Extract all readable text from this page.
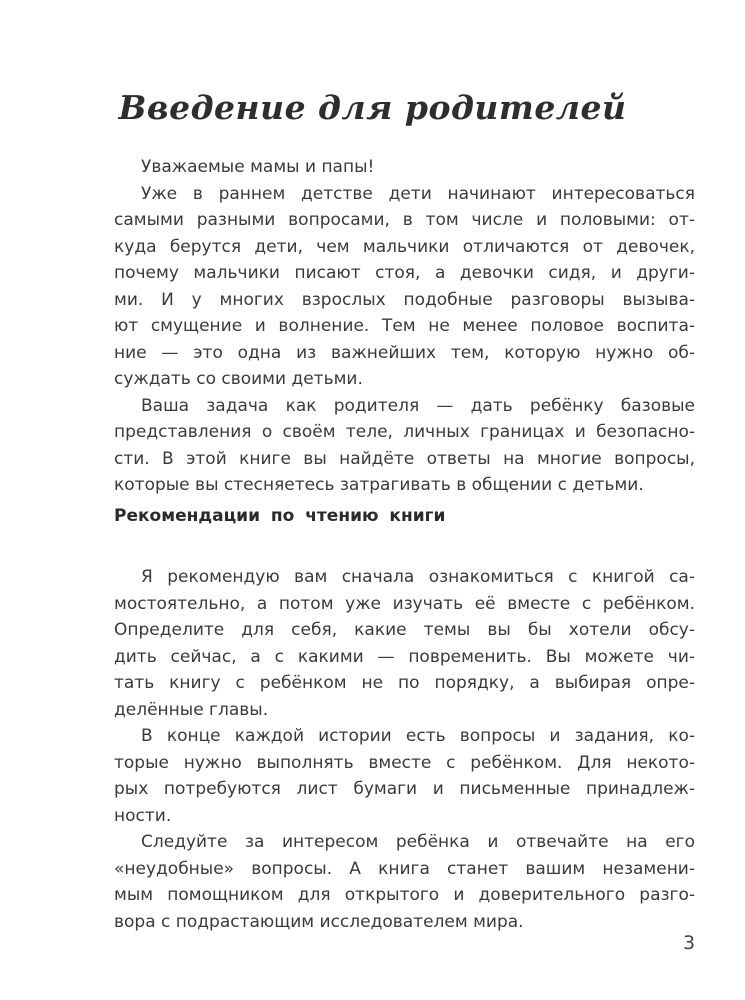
Введение для родителей
Уважаемые мамы и папы!
Уже в раннем детстве дети начинают интересоваться
самыми разными вопросами, в том числе и половыми: от-
куда берутся дети, чем мальчики отличаются от девочек,
почему мальчики писают стоя, а девочки сидя, и други-
ми. И у многих взрослых подобные разговоры вызыва-
ют смущение и волнение. Тем не менее половое воспита-
ние — это одна из важнейших тем, которую нужно об-
суждать со своими детьми.
Ваша задача как родителя — дать ребёнку базовые
представления о своём теле, личных границах и безопасно-
сти. В этой книге вы найдёте ответы на многие вопросы,
которые вы стесняетесь затрагивать в общении с детьми.
Рекомендации по чтению книги
Я рекомендую вам сначала ознакомиться с книгой са-
мостоятельно, а потом уже изучать её вместе с ребёнком.
Определите для себя, какие темы вы бы хотели обсу-
дить сейчас, а с какими — повременить. Вы можете чи-
тать книгу с ребёнком не по порядку, а выбирая опре-
делённые главы.
В конце каждой истории есть вопросы и задания, ко-
торые нужно выполнять вместе с ребёнком. Для некото-
рых потребуются лист бумаги и письменные принадлеж-
ности.
Следуйте за интересом ребёнка и отвечайте на его
«неудобные» вопросы. А книга станет вашим незамени-
мым помощником для открытого и доверительного разго-
вора с подрастающим исследователем мира.
3
